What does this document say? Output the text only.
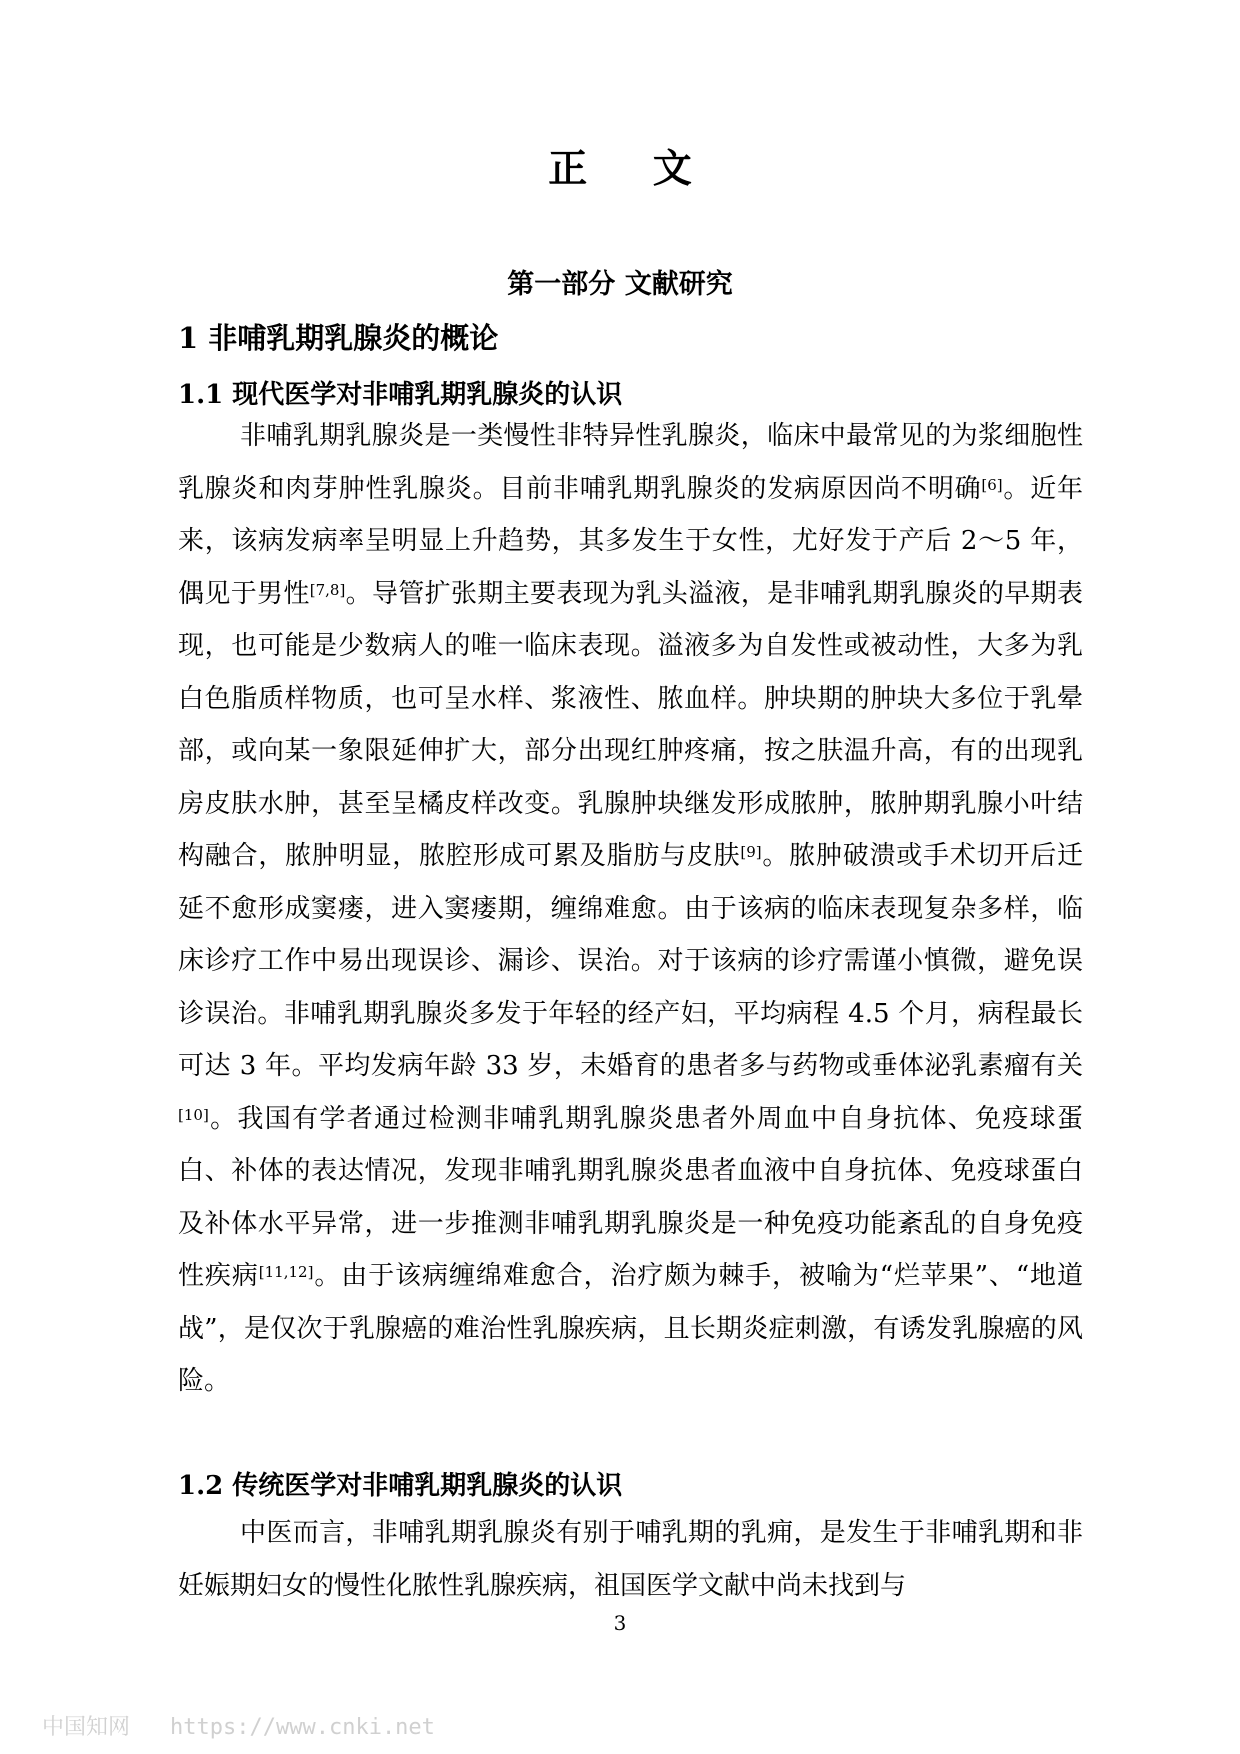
正 文
第一部分 文献研究
1 非哺乳期乳腺炎的概论
1.1 现代医学对非哺乳期乳腺炎的认识

非哺乳期乳腺炎是一类慢性非特异性乳腺炎，临床中最常见的为浆细胞性乳腺炎和肉芽肿性乳腺炎。目前非哺乳期乳腺炎的发病原因尚不明确[6]。近年来，该病发病率呈明显上升趋势，其多发生于女性，尤好发于产后 2～5 年，偶见于男性[7,8]。导管扩张期主要表现为乳头溢液，是非哺乳期乳腺炎的早期表现，也可能是少数病人的唯一临床表现。溢液多为自发性或被动性，大多为乳白色脂质样物质，也可呈水样、浆液性、脓血样。肿块期的肿块大多位于乳晕部，或向某一象限延伸扩大，部分出现红肿疼痛，按之肤温升高，有的出现乳房皮肤水肿，甚至呈橘皮样改变。乳腺肿块继发形成脓肿，脓肿期乳腺小叶结构融合，脓肿明显，脓腔形成可累及脂肪与皮肤[9]。脓肿破溃或手术切开后迁延不愈形成窦瘘，进入窦瘘期，缠绵难愈。由于该病的临床表现复杂多样，临床诊疗工作中易出现误诊、漏诊、误治。对于该病的诊疗需谨小慎微，避免误诊误治。非哺乳期乳腺炎多发于年轻的经产妇，平均病程 4.5 个月，病程最长可达 3 年。平均发病年龄 33 岁，未婚育的患者多与药物或垂体泌乳素瘤有关[10]。我国有学者通过检测非哺乳期乳腺炎患者外周血中自身抗体、免疫球蛋白、补体的表达情况，发现非哺乳期乳腺炎患者血液中自身抗体、免疫球蛋白及补体水平异常，进一步推测非哺乳期乳腺炎是一种免疫功能紊乱的自身免疫性疾病[11,12]。由于该病缠绵难愈合，治疗颇为棘手，被喻为“烂苹果”、“地道战”，是仅次于乳腺癌的难治性乳腺疾病，且长期炎症刺激，有诱发乳腺癌的风险。

1.2 传统医学对非哺乳期乳腺炎的认识

中医而言，非哺乳期乳腺炎有别于哺乳期的乳痈，是发生于非哺乳期和非妊娠期妇女的慢性化脓性乳腺疾病，祖国医学文献中尚未找到与

3
中国知网 https://www.cnki.net
